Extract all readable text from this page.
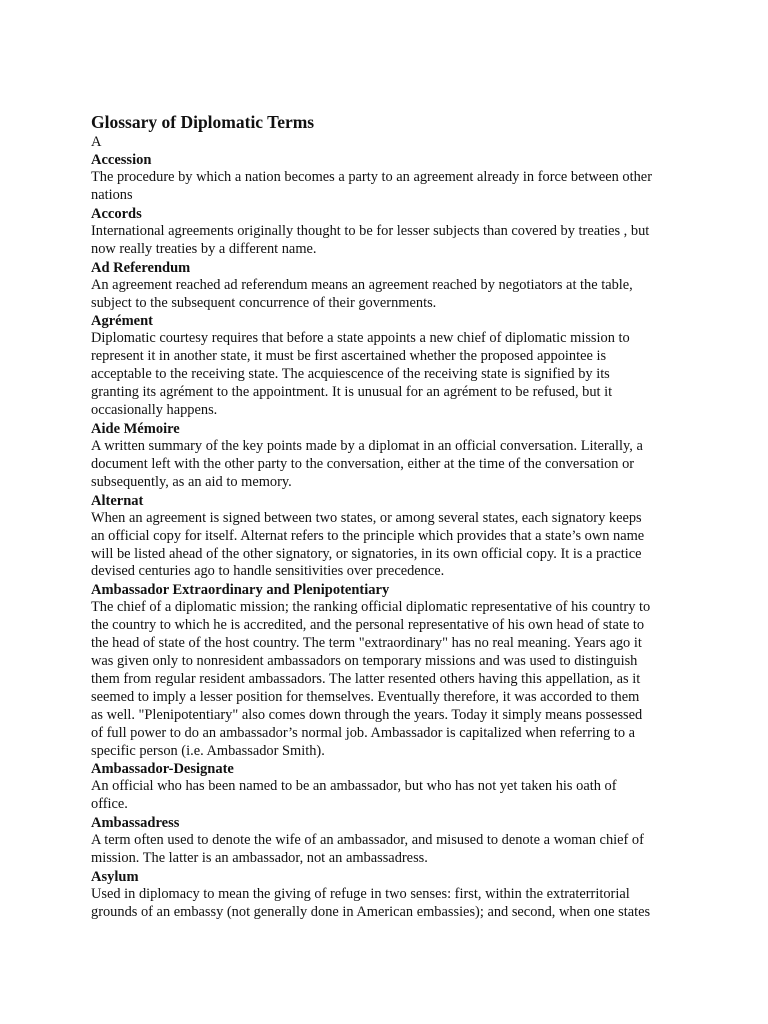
Glossary of Diplomatic Terms
A
Accession
The procedure by which a nation becomes a party to an agreement already in force between other
nations
Accords
International agreements originally thought to be for lesser subjects than covered by treaties , but
now really treaties by a different name.
Ad Referendum
An agreement reached ad referendum means an agreement reached by negotiators at the table,
subject to the subsequent concurrence of their governments.
Agrément
Diplomatic courtesy requires that before a state appoints a new chief of diplomatic mission to
represent it in another state, it must be first ascertained whether the proposed appointee is
acceptable to the receiving state. The acquiescence of the receiving state is signified by its
granting its agrément to the appointment. It is unusual for an agrément to be refused, but it
occasionally happens.
Aide Mémoire
A written summary of the key points made by a diplomat in an official conversation. Literally, a
document left with the other party to the conversation, either at the time of the conversation or
subsequently, as an aid to memory.
Alternat
When an agreement is signed between two states, or among several states, each signatory keeps
an official copy for itself. Alternat refers to the principle which provides that a state’s own name
will be listed ahead of the other signatory, or signatories, in its own official copy. It is a practice
devised centuries ago to handle sensitivities over precedence.
Ambassador Extraordinary and Plenipotentiary
The chief of a diplomatic mission; the ranking official diplomatic representative of his country to
the country to which he is accredited, and the personal representative of his own head of state to
the head of state of the host country. The term "extraordinary" has no real meaning. Years ago it
was given only to nonresident ambassadors on temporary missions and was used to distinguish
them from regular resident ambassadors. The latter resented others having this appellation, as it
seemed to imply a lesser position for themselves. Eventually therefore, it was accorded to them
as well. "Plenipotentiary" also comes down through the years. Today it simply means possessed
of full power to do an ambassador’s normal job. Ambassador is capitalized when referring to a
specific person (i.e. Ambassador Smith).
Ambassador-Designate
An official who has been named to be an ambassador, but who has not yet taken his oath of
office.
Ambassadress
A term often used to denote the wife of an ambassador, and misused to denote a woman chief of
mission. The latter is an ambassador, not an ambassadress.
Asylum
Used in diplomacy to mean the giving of refuge in two senses: first, within the extraterritorial
grounds of an embassy (not generally done in American embassies); and second, when one states
